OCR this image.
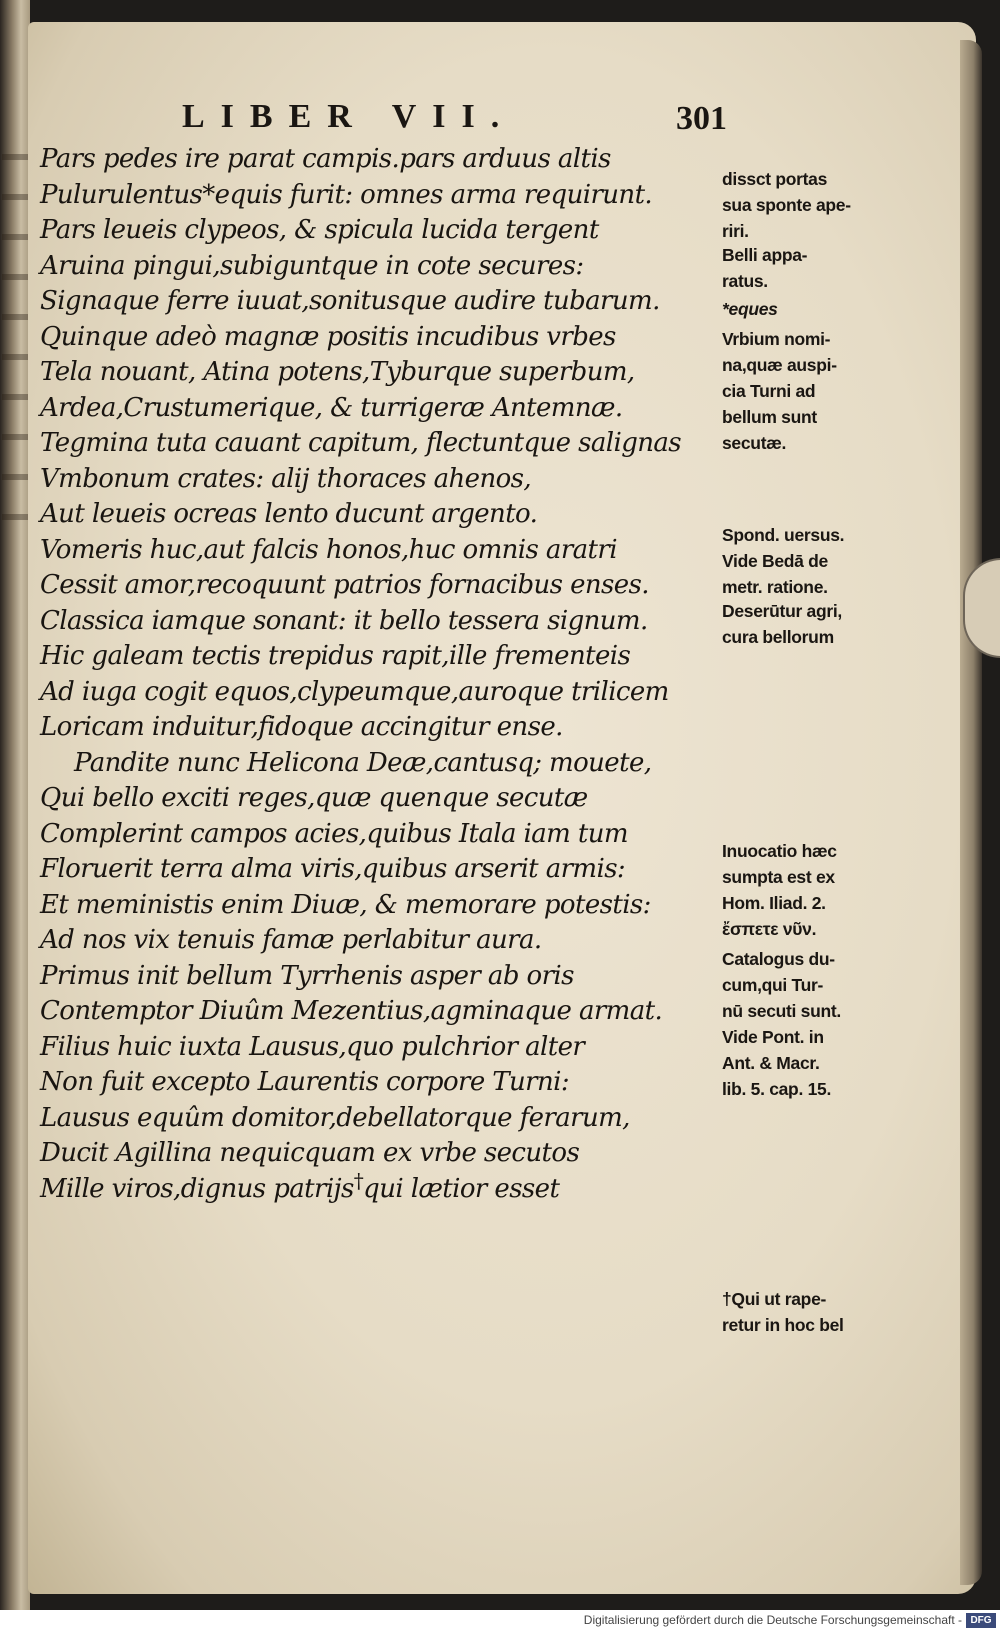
LIBER VII.	301
Pars pedes ire parat campis.pars arduus altis
Pulurulentus*equis furit: omnes arma requirunt.
Pars leueis clypeos, & spicula lucida tergent
Aruina pingui,subiguntque in cote secures:
Signaque ferre iuuat,sonitusque audire tubarum.
Quinque adeò magnæ positis incudibus vrbes
Tela nouant, Atina potens,Tyburque superbum,
Ardea,Crustumerique, & turrigeræ Antemnæ.
Tegmina tuta cauant capitum, flectuntque salignas
Vmbonum crates: alij thoraces ahenos,
Aut leueis ocreas lento ducunt argento.
Vomeris huc,aut falcis honos,huc omnis aratri
Cessit amor,recoquunt patrios fornacibus enses.
Classica iamque sonant: it bello tessera signum.
Hic galeam tectis trepidus rapit,ille frementeis
Ad iuga cogit equos,clypeumque,auroque trilicem
Loricam induitur,fidoque accingitur ense.
Pandite nunc Helicona Deæ,cantusq; mouete,
Qui bello exciti reges,quæ quenque secutæ
Complerint campos acies,quibus Itala iam tum
Floruerit terra alma viris,quibus arserit armis:
Et meministis enim Diuæ, & memorare potestis:
Ad nos vix tenuis famæ perlabitur aura.
Primus init bellum Tyrrhenis asper ab oris
Contemptor Diuûm Mezentius,agminaque armat.
Filius huic iuxta Lausus,quo pulchrior alter
Non fuit excepto Laurentis corpore Turni:
Lausus equûm domitor,debellatorque ferarum,
Ducit Agillina nequicquam ex vrbe secutos
Mille viros,dignus patrijs†qui lætior esset
dissct portas
sua sponte ape-
riri.
Belli appa-
ratus.
*eques
Vrbium nomi-
na,quæ auspi-
cia Turni ad
bellum sunt
secutæ.
Spond. uersus.
Vide Bedā de
metr. ratione.
Deserūtur agri,
cura bellorum
Inuocatio hæc
sumpta est ex
Hom. Iliad. 2.
ἔσπετε νῦν.
Catalogus du-
cum,qui Tur-
nū secuti sunt.
Vide Pont. in
Ant. & Macr.
lib. 5. cap. 15.
†Qui ut rape-
retur in hoc bel
Digitalisierung gefördert durch die Deutsche Forschungsgemeinschaft - DFG
